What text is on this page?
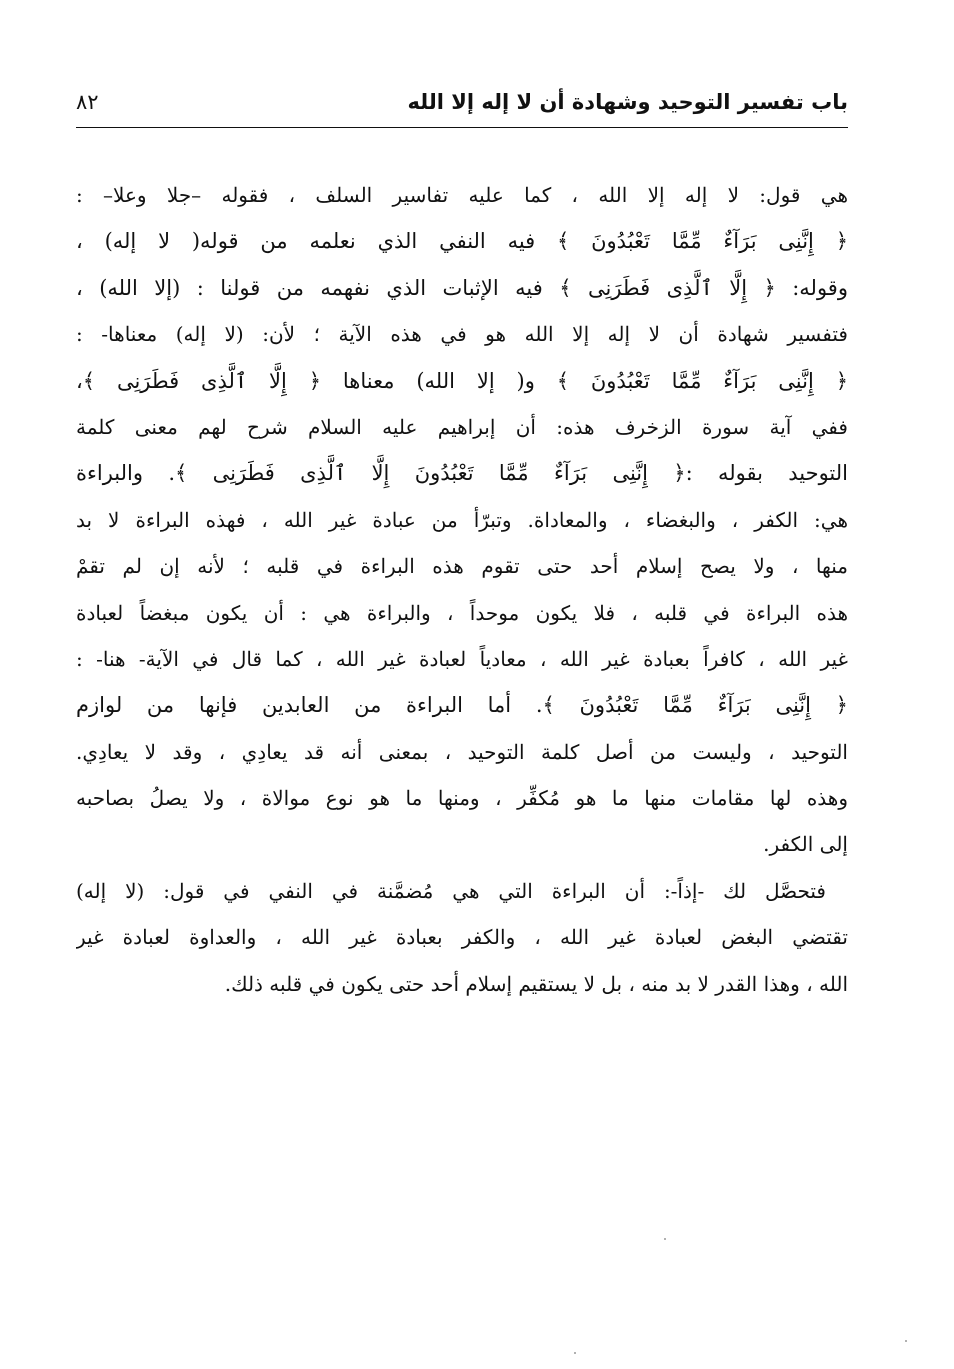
باب تفسير التوحيد وشهادة أن لا إله إلا الله
٨٢
هي قول: لا إله إلا الله ، كما عليه تفاسير السلف ، فقوله –جلا وعلا– :
﴿ إِنَّنِى بَرَآءٌ مِّمَّا تَعْبُدُونَ ﴾ فيه النفي الذي نعلمه من قوله( لا إله) ،
وقوله: ﴿ إِلَّا ٱلَّذِى فَطَرَنِى ﴾ فيه الإثبات الذي نفهمه من قولنا : (إلا الله) ،
فتفسير شهادة أن لا إله إلا الله هو في هذه الآية ؛ لأن: (لا إله) معناها- :
﴿ إِنَّنِى بَرَآءٌ مِّمَّا تَعْبُدُونَ ﴾ و( إلا الله) معناها ﴿ إِلَّا ٱلَّذِى فَطَرَنِى ﴾،
ففي آية سورة الزخرف هذه: أن إبراهيم عليه السلام شرح لهم معنى كلمة
التوحيد بقوله :﴿ إِنَّنِى بَرَآءٌ مِّمَّا تَعْبُدُونَ إِلَّا ٱلَّذِى فَطَرَنِى ﴾. والبراءة
هي: الكفر ، والبغضاء ، والمعاداة. وتبرّأ من عبادة غير الله ، فهذه البراءة لا بد
منها ، ولا يصح إسلام أحد حتى تقوم هذه البراءة في قلبه ؛ لأنه إن لم تقمْ
هذه البراءة في قلبه ، فلا يكون موحداً ، والبراءة هي : أن يكون مبغضاً لعبادة
غير الله ، كافراً بعبادة غير الله ، معادياً لعبادة غير الله ، كما قال في الآية- هنا- :
﴿ إِنَّنِى بَرَآءٌ مِّمَّا تَعْبُدُونَ ﴾. أما البراءة من العابدين فإنها من لوازم
التوحيد ، وليست من أصل كلمة التوحيد ، بمعنى أنه قد يعادِي ، وقد لا يعادِي.
وهذه لها مقامات منها ما هو مُكفِّر ، ومنها ما هو نوع موالاة ، ولا يصلُ بصاحبه
إلى الكفر.
فتحصَّل لك -إذاً-: أن البراءة التي هي مُضمَّنة في النفي في قول: (لا إله)
تقتضي البغض لعبادة غير الله ، والكفر بعبادة غير الله ، والعداوة لعبادة غير
الله ، وهذا القدر لا بد منه ، بل لا يستقيم إسلام أحد حتى يكون في قلبه ذلك.
